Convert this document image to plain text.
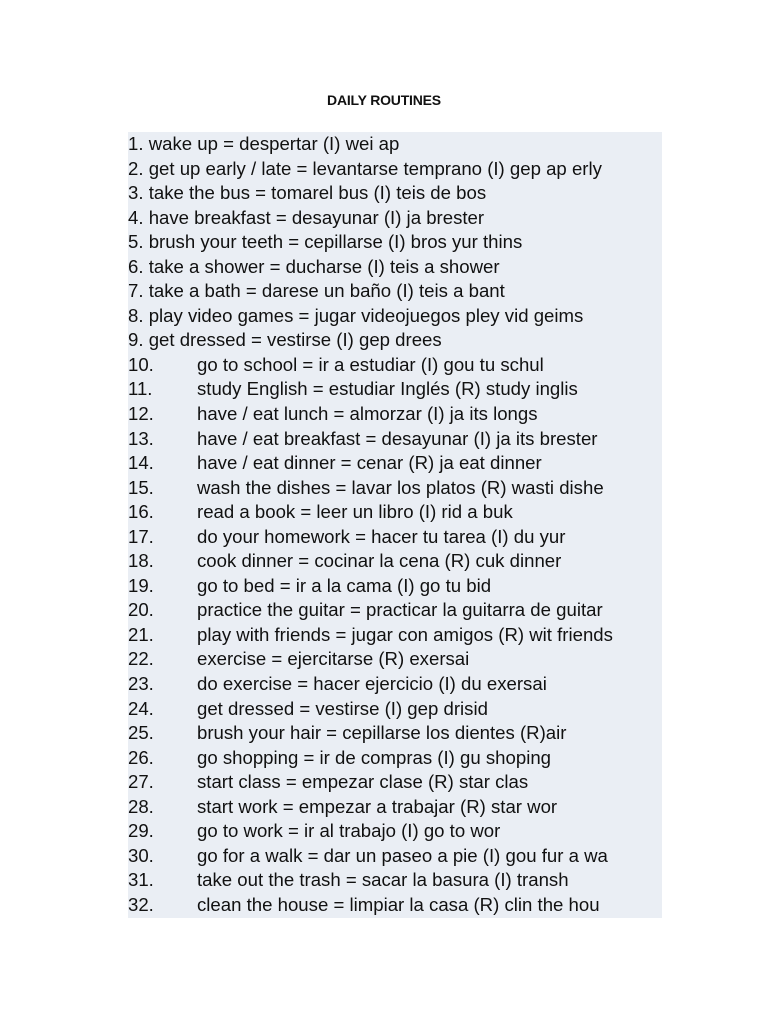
DAILY ROUTINES
1. wake up = despertar (I) wei ap
2. get up early / late = levantarse temprano (I) gep ap erly
3. take the bus = tomarel bus (I) teis de bos
4. have breakfast = desayunar (I) ja brester
5. brush your teeth = cepillarse (I) bros yur thins
6. take a shower = ducharse (I) teis a shower
7. take a bath = darese un baño (I) teis a bant
8. play video games = jugar videojuegos pley vid geims
9. get dressed = vestirse (I) gep drees
10. go to school = ir a estudiar (I) gou tu schul
11. study English = estudiar Inglés (R) study inglis
12. have / eat lunch = almorzar (I) ja its longs
13. have / eat breakfast = desayunar (I) ja its brester
14. have / eat dinner = cenar (R) ja eat dinner
15. wash the dishes = lavar los platos (R) wasti dishe
16. read a book = leer un libro (I) rid a buk
17. do your homework = hacer tu tarea (I) du yur
18. cook dinner = cocinar la cena (R) cuk dinner
19. go to bed = ir a la cama (I) go tu bid
20. practice the guitar = practicar la guitarra de guitar
21. play with friends = jugar con amigos (R) wit friends
22. exercise = ejercitarse (R) exersai
23. do exercise = hacer ejercicio (I) du exersai
24. get dressed = vestirse (I) gep drisid
25. brush your hair = cepillarse los dientes (R)air
26. go shopping = ir de compras (I) gu shoping
27. start class = empezar clase (R) star clas
28. start work = empezar a trabajar (R) star wor
29. go to work = ir al trabajo (I) go to wor
30. go for a walk = dar un paseo a pie (I) gou fur a wa
31. take out the trash = sacar la basura (I) transh
32. clean the house = limpiar la casa (R) clin the hou
